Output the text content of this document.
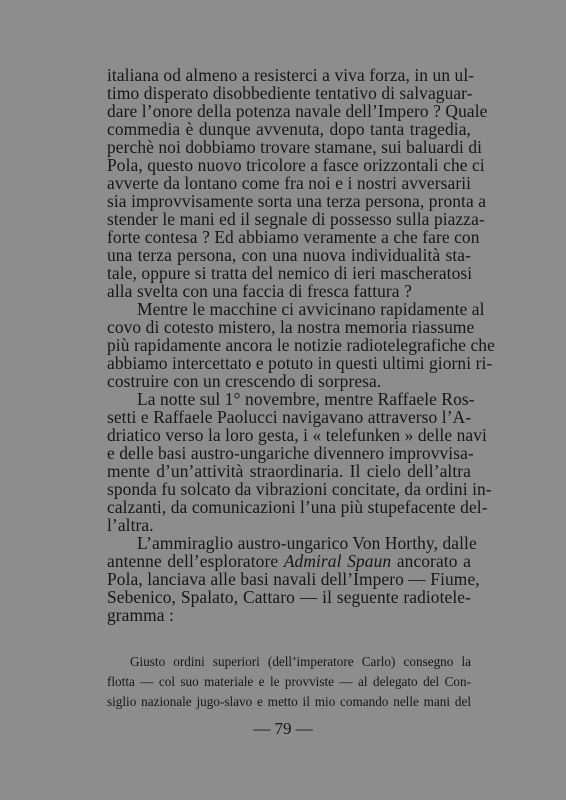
italiana od almeno a resisterci a viva forza, in un ul-
timo disperato disobbediente tentativo di salvaguar-
dare l’onore della potenza navale dell’Impero ? Quale
commedia è dunque avvenuta, dopo tanta tragedia,
perchè noi dobbiamo trovare stamane, sui baluardi di
Pola, questo nuovo tricolore a fasce orizzontali che ci
avverte da lontano come fra noi e i nostri avversarii
sia improvvisamente sorta una terza persona, pronta a
stender le mani ed il segnale di possesso sulla piazza-
forte contesa ? Ed abbiamo veramente a che fare con
una terza persona, con una nuova individualità sta-
tale, oppure si tratta del nemico di ieri mascheratosi
alla svelta con una faccia di fresca fattura ?
Mentre le macchine ci avvicinano rapidamente al
covo di cotesto mistero, la nostra memoria riassume
più rapidamente ancora le notizie radiotelegrafiche che
abbiamo intercettato e potuto in questi ultimi giorni ri-
costruire con un crescendo di sorpresa.
La notte sul 1° novembre, mentre Raffaele Ros-
setti e Raffaele Paolucci navigavano attraverso l’A-
driatico verso la loro gesta, i « telefunken » delle navi
e delle basi austro-ungariche divennero improvvisa-
mente d’un’attività straordinaria. Il cielo dell’altra
sponda fu solcato da vibrazioni concitate, da ordini in-
calzanti, da comunicazioni l’una più stupefacente del-
l’altra.
L’ammiraglio austro-ungarico Von Horthy, dalle
antenne dell’esploratore Admiral Spaun ancorato a
Pola, lanciava alle basi navali dell’Impero — Fiume,
Sebenico, Spalato, Cattaro — il seguente radiotele-
gramma :
Giusto ordini superiori (dell’imperatore Carlo) consegno la
flotta — col suo materiale e le provviste — al delegato del Con-
siglio nazionale jugo-slavo e metto il mio comando nelle mani del
— 79 —
